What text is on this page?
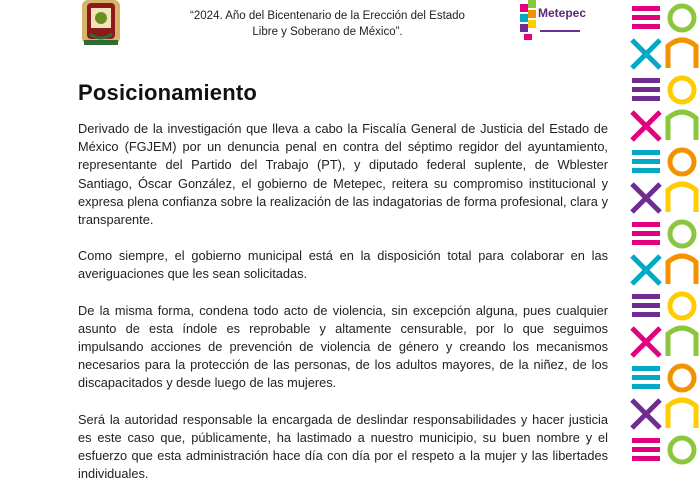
“2024. Año del Bicentenario de la Erección del Estado
Libre y Soberano de México”.
Metepec
Posicionamiento

Derivado de la investigación que lleva a cabo la Fiscalía General de Justicia del Estado de México (FGJEM) por un denuncia penal en contra del séptimo regidor del ayuntamiento, representante del Partido del Trabajo (PT), y diputado federal suplente, de Wblester Santiago, Óscar González, el gobierno de Metepec, reitera su compromiso institucional y expresa plena confianza sobre la realización de las indagatorias de forma profesional, clara y transparente.

Como siempre, el gobierno municipal está en la disposición total para colaborar en las averiguaciones que les sean solicitadas.

De la misma forma, condena todo acto de violencia, sin excepción alguna, pues cualquier asunto de esta índole es reprobable y altamente censurable, por lo que seguimos impulsando acciones de prevención de violencia de género y creando los mecanismos necesarios para la protección de las personas, de los adultos mayores, de la niñez, de los discapacitados y desde luego de las mujeres.

Será la autoridad responsable la encargada de deslindar responsabilidades y hacer justicia es este caso que, públicamente, ha lastimado a nuestro municipio, su buen nombre y el esfuerzo que esta administración hace día con día por el respeto a la mujer y las libertades individuales.
